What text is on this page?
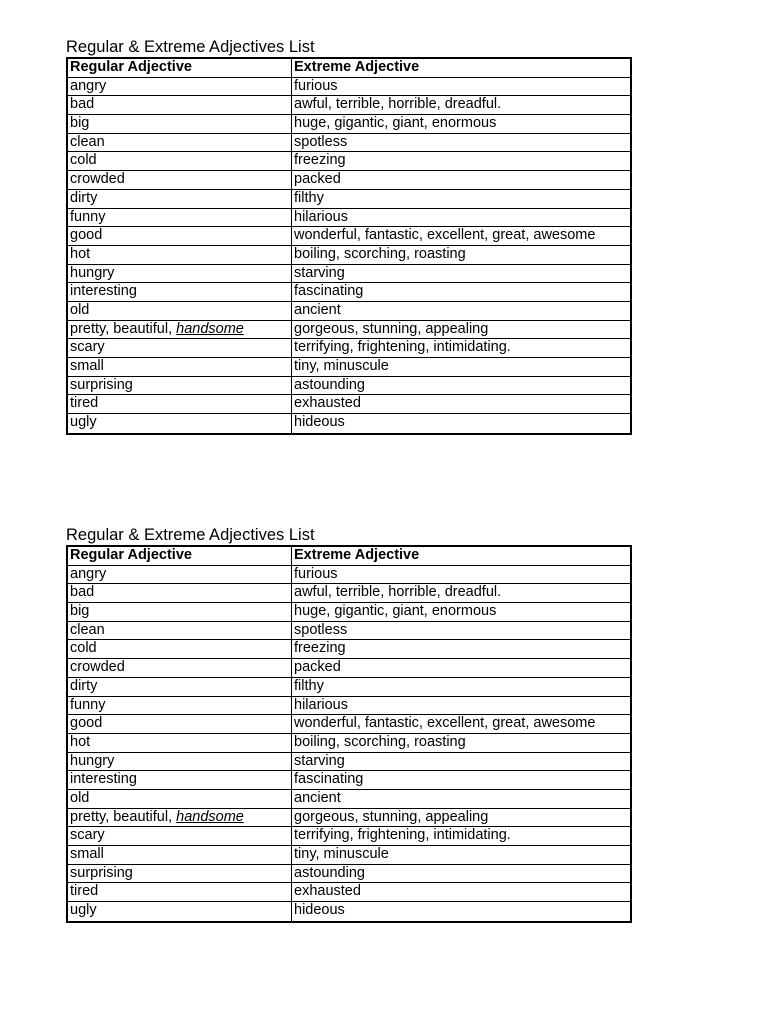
Regular & Extreme Adjectives List
Regular Adjective	Extreme Adjective
angry	furious
bad	awful, terrible, horrible, dreadful.
big	huge, gigantic, giant, enormous
clean	spotless
cold	freezing
crowded	packed
dirty	filthy
funny	hilarious
good	wonderful, fantastic, excellent, great, awesome
hot	boiling, scorching, roasting
hungry	starving
interesting	fascinating
old	ancient
pretty, beautiful, handsome	gorgeous, stunning, appealing
scary	terrifying, frightening, intimidating.
small	tiny, minuscule
surprising	astounding
tired	exhausted
ugly	hideous
Regular & Extreme Adjectives List
Regular Adjective	Extreme Adjective
angry	furious
bad	awful, terrible, horrible, dreadful.
big	huge, gigantic, giant, enormous
clean	spotless
cold	freezing
crowded	packed
dirty	filthy
funny	hilarious
good	wonderful, fantastic, excellent, great, awesome
hot	boiling, scorching, roasting
hungry	starving
interesting	fascinating
old	ancient
pretty, beautiful, handsome	gorgeous, stunning, appealing
scary	terrifying, frightening, intimidating.
small	tiny, minuscule
surprising	astounding
tired	exhausted
ugly	hideous
